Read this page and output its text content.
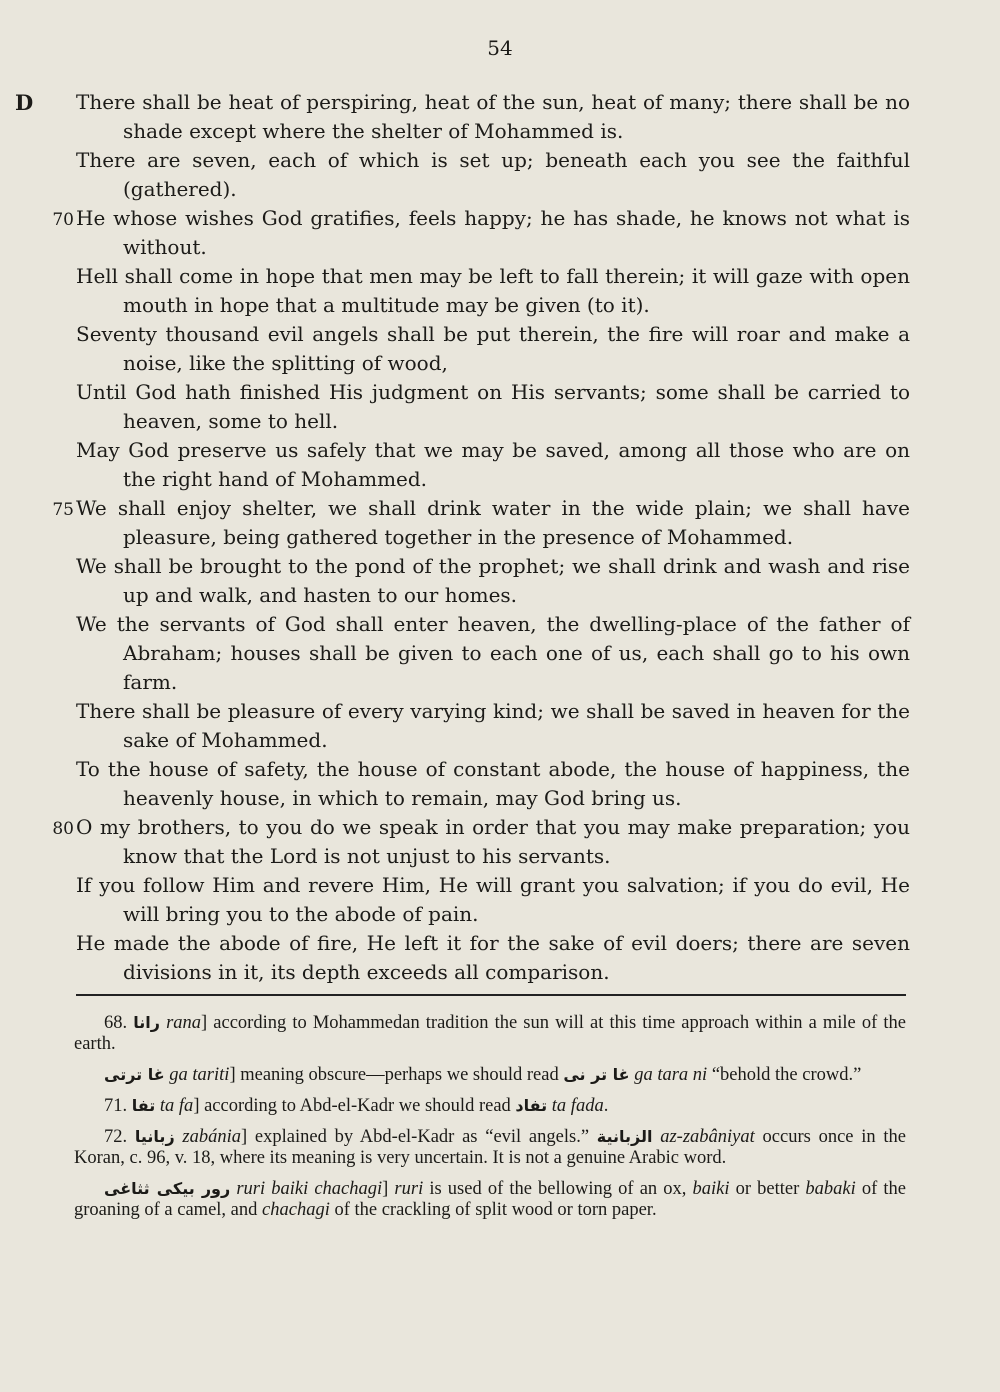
54
D There shall be heat of perspiring, heat of the sun, heat of many; there shall be no shade except where the shelter of Mohammed is.
There are seven, each of which is set up; beneath each you see the faithful (gathered).
70 He whose wishes God gratifies, feels happy; he has shade, he knows not what is without.
Hell shall come in hope that men may be left to fall therein; it will gaze with open mouth in hope that a multitude may be given (to it).
Seventy thousand evil angels shall be put therein, the fire will roar and make a noise, like the splitting of wood,
Until God hath finished His judgment on His servants; some shall be carried to heaven, some to hell.
May God preserve us safely that we may be saved, among all those who are on the right hand of Mohammed.
75 We shall enjoy shelter, we shall drink water in the wide plain; we shall have pleasure, being gathered together in the presence of Mohammed.
We shall be brought to the pond of the prophet; we shall drink and wash and rise up and walk, and hasten to our homes.
We the servants of God shall enter heaven, the dwelling-place of the father of Abraham; houses shall be given to each one of us, each shall go to his own farm.
There shall be pleasure of every varying kind; we shall be saved in heaven for the sake of Mohammed.
To the house of safety, the house of constant abode, the house of happiness, the heavenly house, in which to remain, may God bring us.
80 O my brothers, to you do we speak in order that you may make preparation; you know that the Lord is not unjust to his servants.
If you follow Him and revere Him, He will grant you salvation; if you do evil, He will bring you to the abode of pain.
He made the abode of fire, He left it for the sake of evil doers; there are seven divisions in it, its depth exceeds all comparison.
68. رانا rana] according to Mohammedan tradition the sun will at this time approach within a mile of the earth.
غا ترتى ga tariti] meaning obscure—perhaps we should read غا تر نى ga tara ni “behold the crowd.”
71. تفا ta fa] according to Abd-el-Kadr we should read تفاد ta fada.
72. زبانيا zabánia] explained by Abd-el-Kadr as “evil angels.” الزبانية az-zabâniyat occurs once in the Koran, c. 96, v. 18, where its meaning is very uncertain. It is not a genuine Arabic word.
رور بيكى ثثاغى ruri baiki chachagi] ruri is used of the bellowing of an ox, baiki or better babaki of the groaning of a camel, and chachagi of the crackling of split wood or torn paper.
